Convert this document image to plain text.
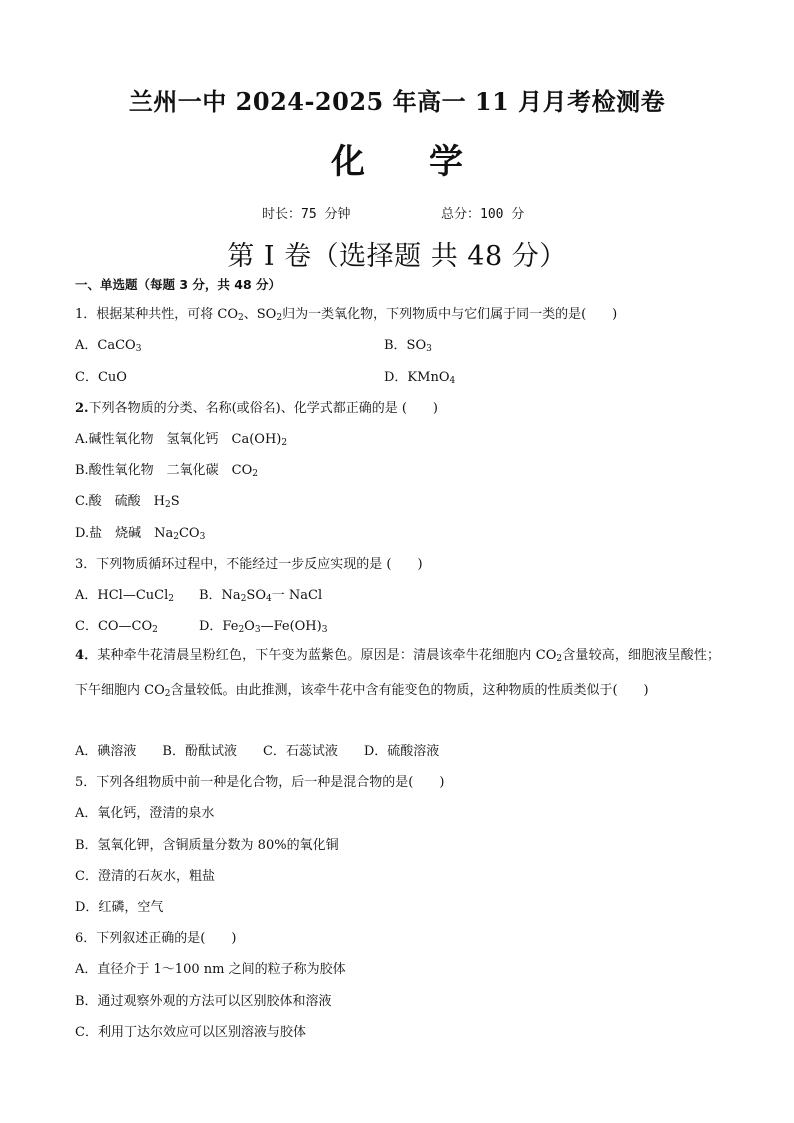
兰州一中 2024-2025 年高一 11 月月考检测卷
化 学
时长：75 分钟	总分：100 分
第 I 卷（选择题 共 48 分）
一、单选题（每题 3 分，共 48 分）
1．根据某种共性，可将 $CO_2$、$SO_2$归为一类氧化物，下列物质中与它们属于同一类的是(　　)
A．CaCO$_3$	B．$SO_3$
C．CuO	D．KMnO$_4$
2.下列各物质的分类、名称(或俗名)、化学式都正确的是 (　　)
A.碱性氧化物　氢氧化钙　$Ca(OH)_2$
B.酸性氧化物　二氧化碳　$CO_2$
C.酸　硫酸　$H_2S$
D.盐　烧碱　$Na_2CO_3$
3．下列物质循环过程中，不能经过一步反应实现的是 (　　)
A．HCl—CuCl$_2$ B．$Na_2SO_4$一 NaCl
C．$CO—CO_2$	D．$Fe_2O_3—Fe(OH)_3$
4．某种牵牛花清晨呈粉红色，下午变为蓝紫色。原因是：清晨该牵牛花细胞内 $CO_2$含量较高，细胞液呈酸性；下午细胞内 $CO_2$含量较低。由此推测，该牵牛花中含有能变色的物质，这种物质的性质类似于(　　)
A．碘溶液　　B．酚酞试液　　C．石蕊试液　　D．硫酸溶液
5．下列各组物质中前一种是化合物，后一种是混合物的是(　　)
A．氧化钙，澄清的泉水
B．氢氧化钾，含铜质量分数为 80%的氧化铜
C．澄清的石灰水，粗盐
D．红磷，空气
6．下列叙述正确的是(　　)
A．直径介于 1～100 nm 之间的粒子称为胶体
B．通过观察外观的方法可以区别胶体和溶液
C．利用丁达尔效应可以区别溶液与胶体
